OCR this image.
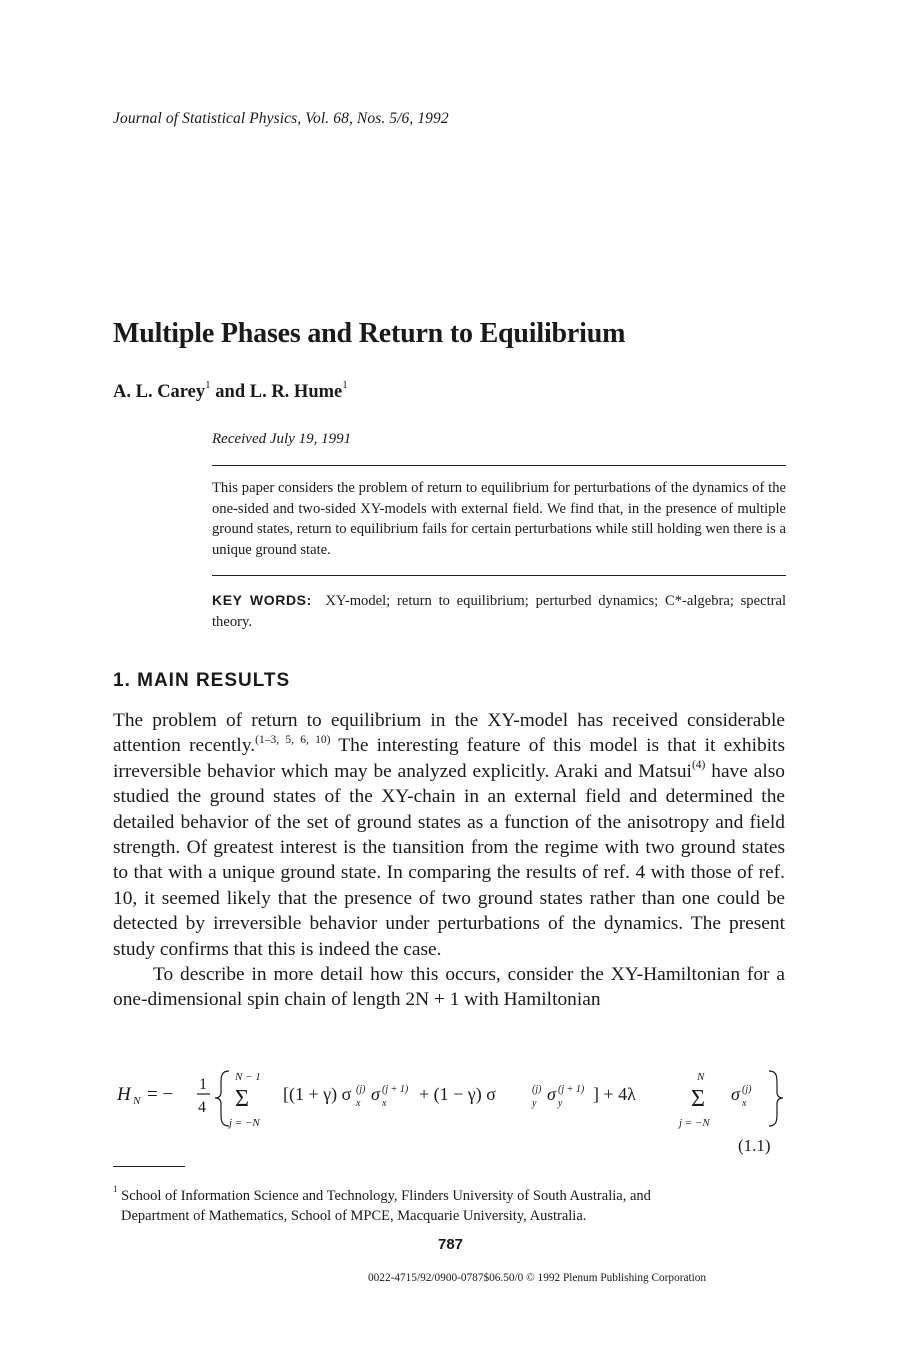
Journal of Statistical Physics, Vol. 68, Nos. 5/6, 1992
Multiple Phases and Return to Equilibrium
A. L. Carey$^1$ and L. R. Hume$^1$
Received July 19, 1991
This paper considers the problem of return to equilibrium for perturbations of the dynamics of the one-sided and two-sided XY-models with external field. We find that, in the presence of multiple ground states, return to equilibrium fails for certain perturbations while still holding wen there is a unique ground state.
KEY WORDS: XY-model; return to equilibrium; perturbed dynamics; C*-algebra; spectral theory.
1. MAIN RESULTS

The problem of return to equilibrium in the XY-model has received considerable attention recently.$^{(1-3, 5, 6, 10)}$ The interesting feature of this model is that it exhibits irreversible behavior which may be analyzed explicitly. Araki and Matsui$^{(4)}$ have also studied the ground states of the XY-chain in an external field and determined the detailed behavior of the set of ground states as a function of the anisotropy and field strength. Of greatest interest is the tıansition from the regime with two ground states to that with a unique ground state. In comparing the results of ref. 4 with those of ref. 10, it seemed likely that the presence of two ground states rather than one could be detected by irreversible behavior under perturbations of the dynamics. The present study confirms that this is indeed the case.

To describe in more detail how this occurs, consider the XY-Hamiltonian for a one-dimensional spin chain of length 2N + 1 with Hamiltonian

H N = − 1
4
N − 1
Σ
j = −N
[(1 + γ) σ x
(j) σ x
(j + 1) + (1 − γ) σ	y
(j) σ y
(j + 1) ] + 4λ
N
Σ
j = −N
σ x
(j)
(1.1)
$^1$ School of Information Science and Technology, Flinders University of South Australia, and
Department of Mathematics, School of MPCE, Macquarie University, Australia.
787
0022-4715/92/0900-0787$06.50/0 © 1992 Plenum Publishing Corporation
